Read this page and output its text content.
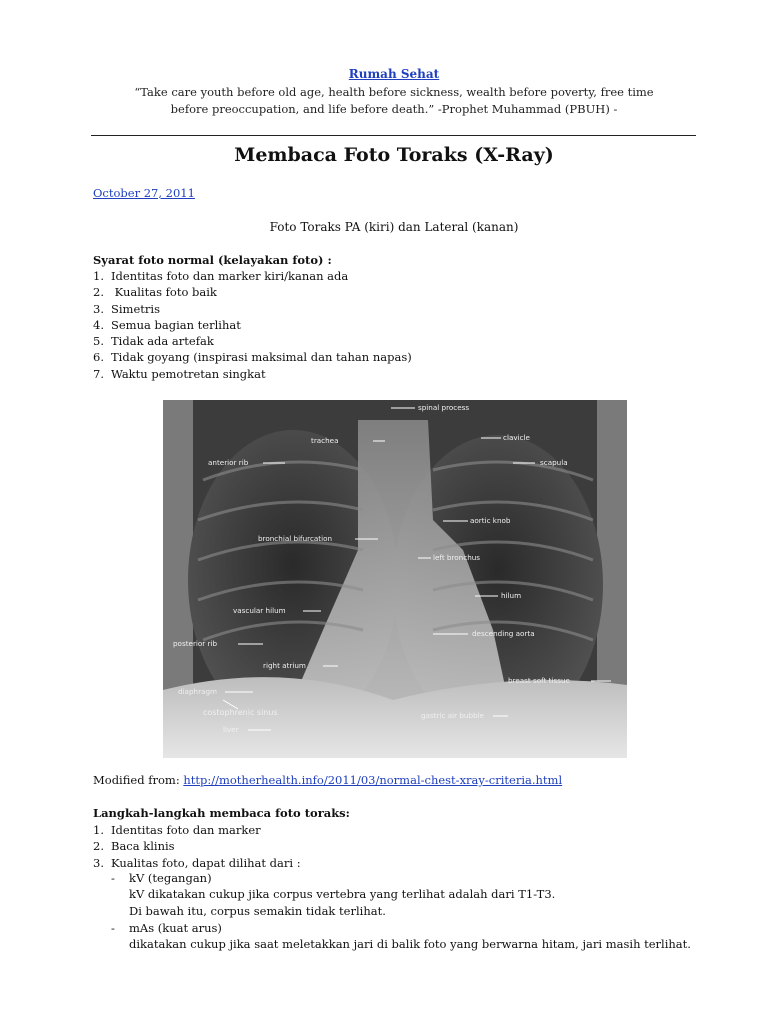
Rumah Sehat
“Take care youth before old age, health before sickness, wealth before poverty, free time before preoccupation, and life before death.” -Prophet Muhammad (PBUH) -
Membaca Foto Toraks (X-Ray)
October 27, 2011
Foto Toraks PA (kiri) dan Lateral (kanan)
Syarat foto normal (kelayakan foto) :
1. Identitas foto dan marker kiri/kanan ada
2. Kualitas foto baik
3. Simetris
4. Semua bagian terlihat
5. Tidak ada artefak
6. Tidak goyang (inspirasi maksimal dan tahan napas)
7. Waktu pemotretan singkat
spinal process
trachea	clavicle
anterior rib	scapula
aortic knob
bronchial bifurcation
left bronchus
hilum
vascular hilum
descending aorta
posterior rib
right atrium
breast soft tissue
diaphragm
costophrenic sinus	gastric air bubble
liver
Modified from: http://motherhealth.info/2011/03/normal-chest-xray-criteria.html
Langkah-langkah membaca foto toraks:
1. Identitas foto dan marker
2. Baca klinis
3. Kualitas foto, dapat dilihat dari :
- kV (tegangan)
kV dikatakan cukup jika corpus vertebra yang terlihat adalah dari T1-T3.
Di bawah itu, corpus semakin tidak terlihat.
- mAs (kuat arus)
dikatakan cukup jika saat meletakkan jari di balik foto yang berwarna hitam, jari masih terlihat.
